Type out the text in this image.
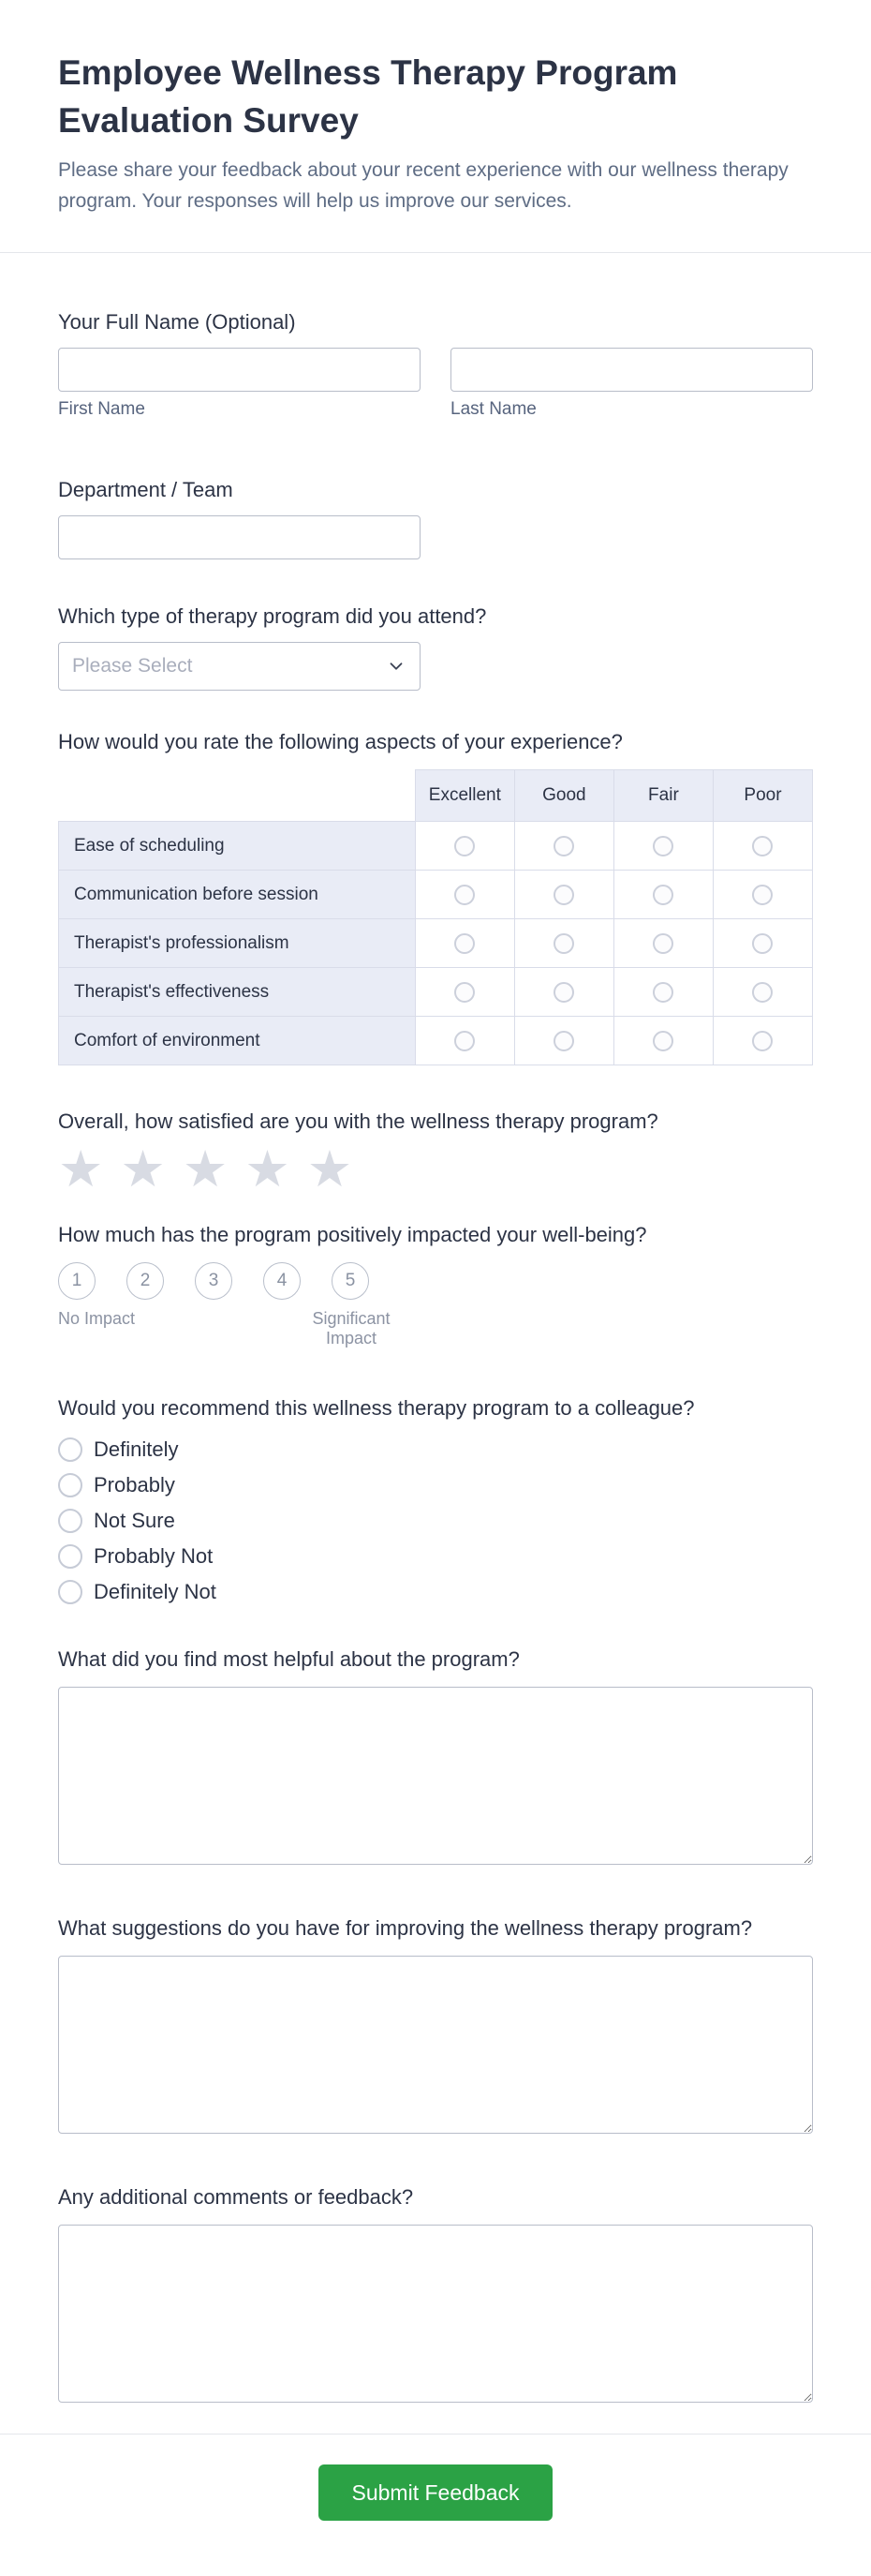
Employee Wellness Therapy Program Evaluation Survey

Please share your feedback about your recent experience with our wellness therapy program. Your responses will help us improve our services.

Your Full Name (Optional)
First Name	Last Name
Department / Team
Which type of therapy program did you attend?
Please Select
How would you rate the following aspects of your experience?
	Excellent	Good	Fair	Poor
Ease of scheduling				
Communication before session				
Therapist's professionalism				
Therapist's effectiveness				
Comfort of environment				
Overall, how satisfied are you with the wellness therapy program?
★ ★ ★ ★ ★
How much has the program positively impacted your well-being?
1	2	3	4	5
No Impact	Significant Impact
Would you recommend this wellness therapy program to a colleague?
Definitely
Probably
Not Sure
Probably Not
Definitely Not
What did you find most helpful about the program?
What suggestions do you have for improving the wellness therapy program?
Any additional comments or feedback?
Submit Feedback
